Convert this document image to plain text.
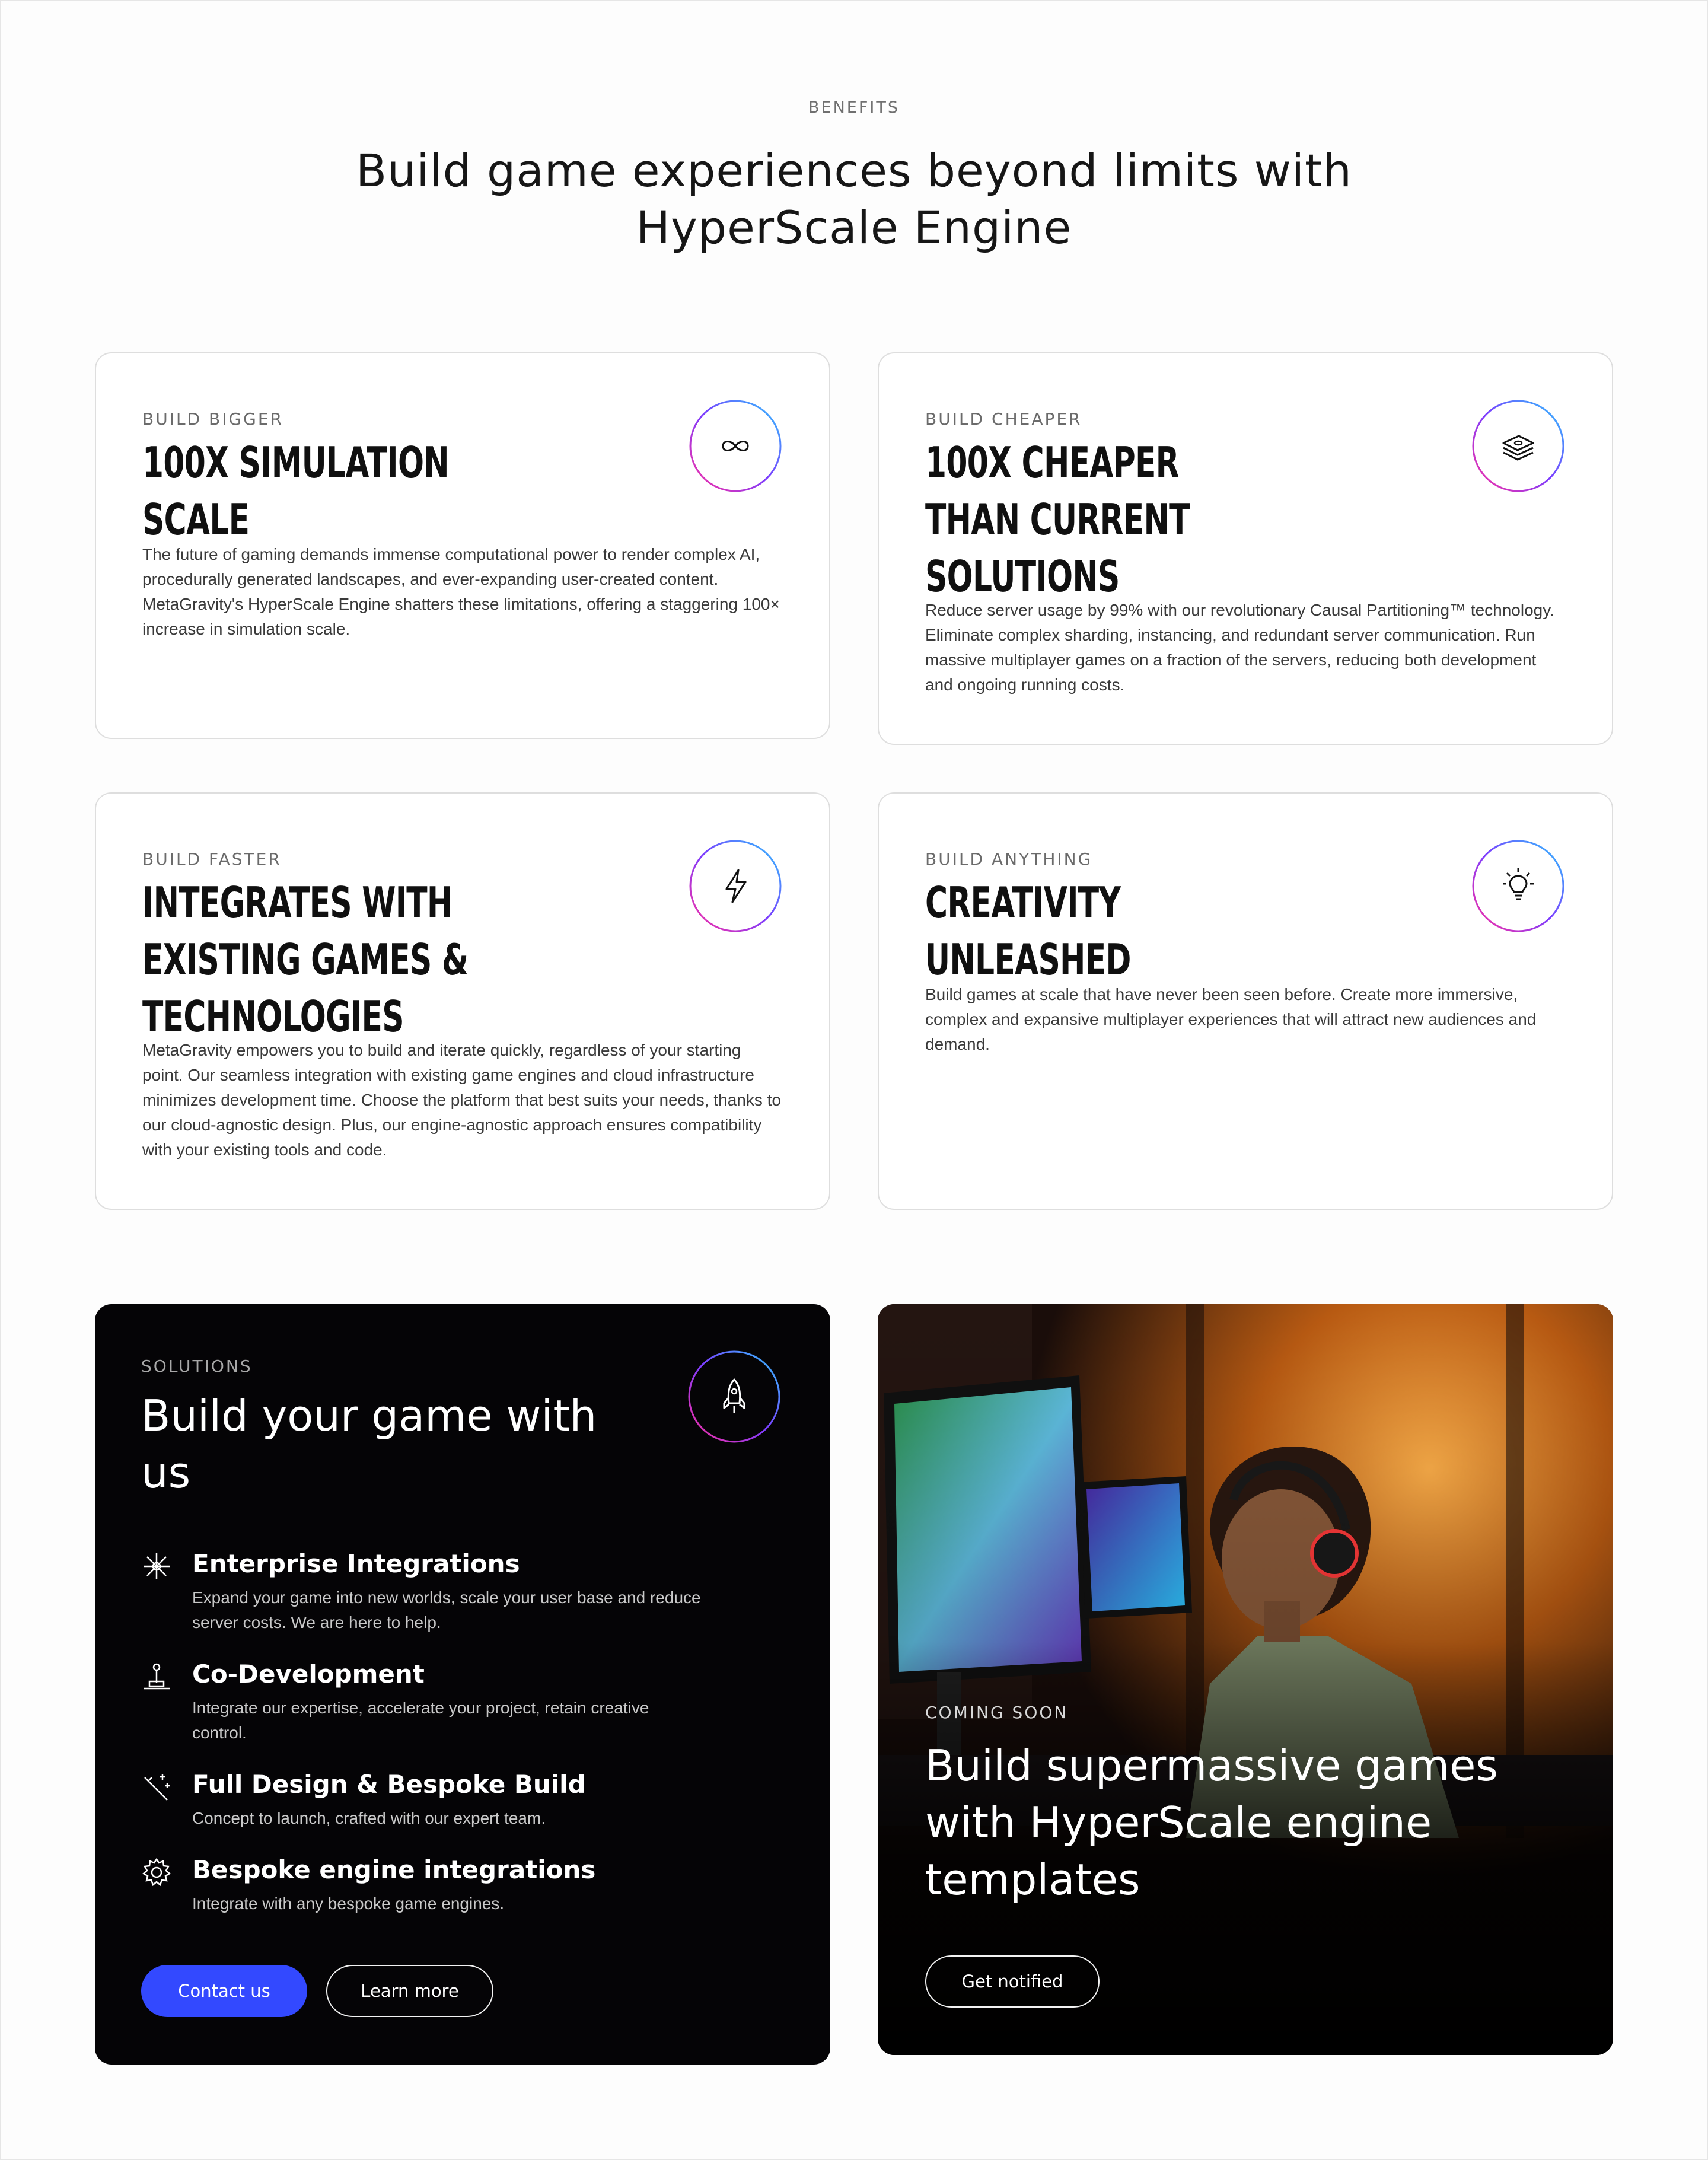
BENEFITS
Build game experiences beyond limits with HyperScale Engine
BUILD BIGGER
100X SIMULATION SCALE

The future of gaming demands immense computational power to render complex AI, procedurally generated landscapes, and ever-expanding user-created content. MetaGravity's HyperScale Engine shatters these limitations, offering a staggering 100× increase in simulation scale.

BUILD CHEAPER
100X CHEAPER THAN CURRENT SOLUTIONS

Reduce server usage by 99% with our revolutionary Causal Partitioning™ technology. Eliminate complex sharding, instancing, and redundant server communication. Run massive multiplayer games on a fraction of the servers, reducing both development and ongoing running costs.

BUILD FASTER
INTEGRATES WITH EXISTING GAMES & TECHNOLOGIES

MetaGravity empowers you to build and iterate quickly, regardless of your starting point. Our seamless integration with existing game engines and cloud infrastructure minimizes development time. Choose the platform that best suits your needs, thanks to our cloud-agnostic design. Plus, our engine-agnostic approach ensures compatibility with your existing tools and code.

BUILD ANYTHING
CREATIVITY UNLEASHED

Build games at scale that have never been seen before. Create more immersive, complex and expansive multiplayer experiences that will attract new audiences and demand.

SOLUTIONS
Build your game with us
Enterprise Integrations

Expand your game into new worlds, scale your user base and reduce server costs. We are here to help.

Co-Development

Integrate our expertise, accelerate your project, retain creative control.

Full Design & Bespoke Build

Concept to launch, crafted with our expert team.

Bespoke engine integrations

Integrate with any bespoke game engines.

Contact us	Learn more
COMING SOON
Build supermassive games with HyperScale engine templates
Get notified
